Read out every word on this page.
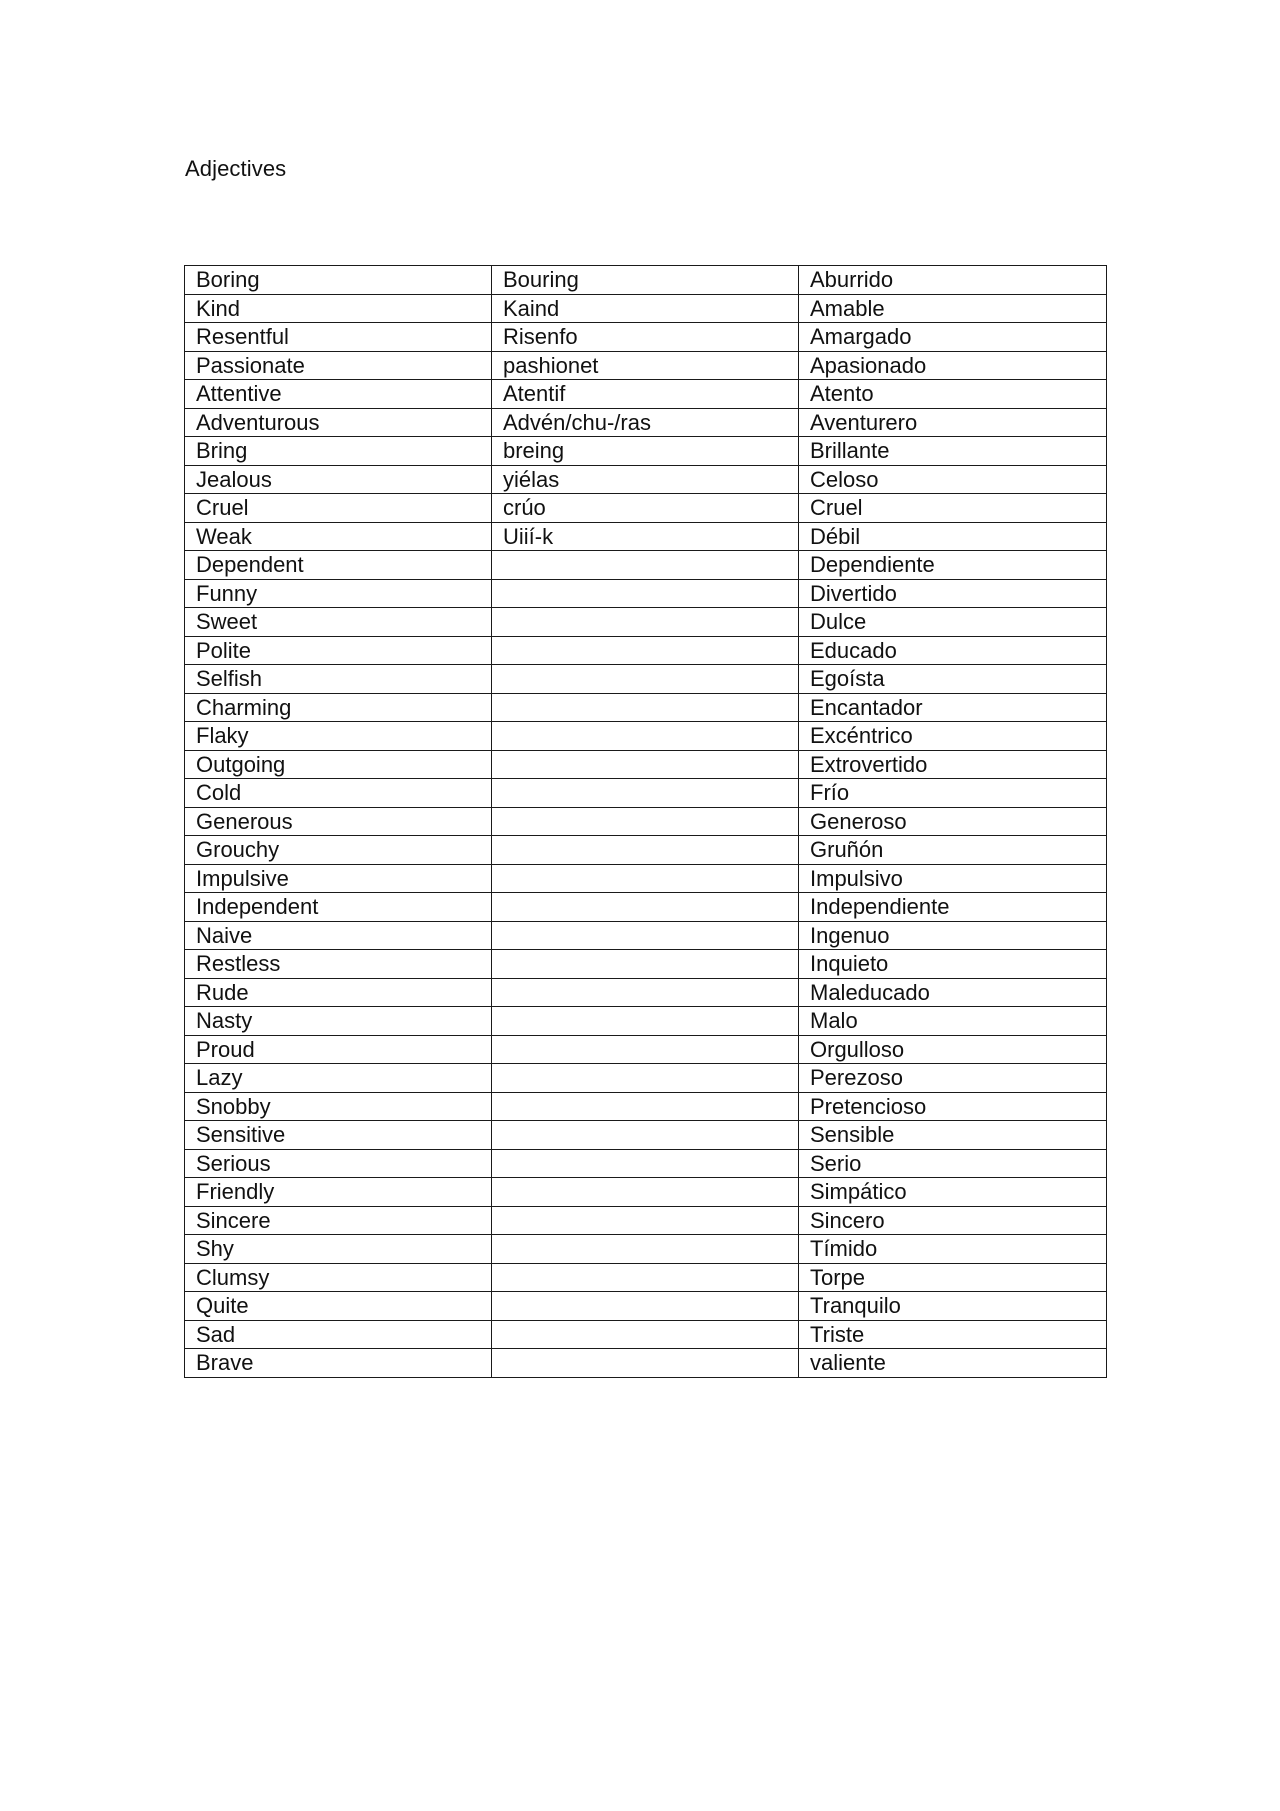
Adjectives
Boring	Bouring	Aburrido
Kind	Kaind	Amable
Resentful	Risenfo	Amargado
Passionate	pashionet	Apasionado
Attentive	Atentif	Atento
Adventurous	Advén/chu-/ras	Aventurero
Bring	breing	Brillante
Jealous	yiélas	Celoso
Cruel	crúo	Cruel
Weak	Uiií-k	Débil
Dependent		Dependiente
Funny		Divertido
Sweet		Dulce
Polite		Educado
Selfish		Egoísta
Charming		Encantador
Flaky		Excéntrico
Outgoing		Extrovertido
Cold		Frío
Generous		Generoso
Grouchy		Gruñón
Impulsive		Impulsivo
Independent		Independiente
Naive		Ingenuo
Restless		Inquieto
Rude		Maleducado
Nasty		Malo
Proud		Orgulloso
Lazy		Perezoso
Snobby		Pretencioso
Sensitive		Sensible
Serious		Serio
Friendly		Simpático
Sincere		Sincero
Shy		Tímido
Clumsy		Torpe
Quite		Tranquilo
Sad		Triste
Brave		valiente
